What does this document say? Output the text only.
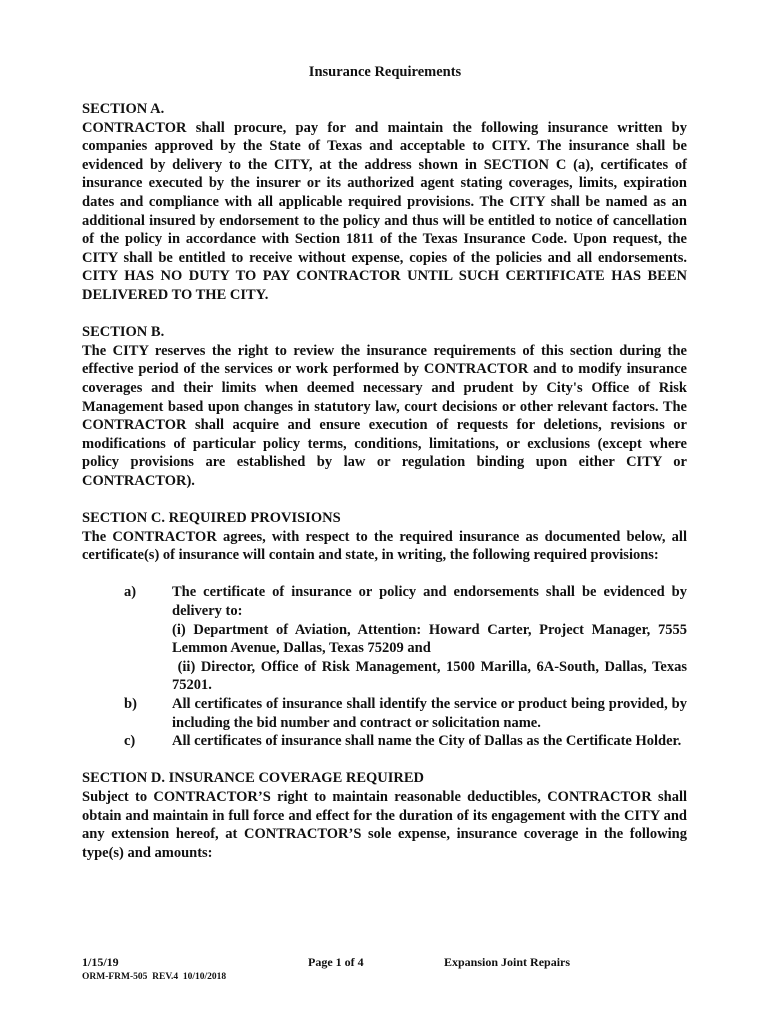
Insurance Requirements
SECTION A.

CONTRACTOR shall procure, pay for and maintain the following insurance written by companies approved by the State of Texas and acceptable to CITY. The insurance shall be evidenced by delivery to the CITY, at the address shown in SECTION C (a), certificates of insurance executed by the insurer or its authorized agent stating coverages, limits, expiration dates and compliance with all applicable required provisions. The CITY shall be named as an additional insured by endorsement to the policy and thus will be entitled to notice of cancellation of the policy in accordance with Section 1811 of the Texas Insurance Code. Upon request, the CITY shall be entitled to receive without expense, copies of the policies and all endorsements. CITY HAS NO DUTY TO PAY CONTRACTOR UNTIL SUCH CERTIFICATE HAS BEEN DELIVERED TO THE CITY.

SECTION B.

The CITY reserves the right to review the insurance requirements of this section during the effective period of the services or work performed by CONTRACTOR and to modify insurance coverages and their limits when deemed necessary and prudent by City's Office of Risk Management based upon changes in statutory law, court decisions or other relevant factors. The CONTRACTOR shall acquire and ensure execution of requests for deletions, revisions or modifications of particular policy terms, conditions, limitations, or exclusions (except where policy provisions are established by law or regulation binding upon either CITY or CONTRACTOR).

SECTION C. REQUIRED PROVISIONS

The CONTRACTOR agrees, with respect to the required insurance as documented below, all certificate(s) of insurance will contain and state, in writing, the following required provisions:

a)	The certificate of insurance or policy and endorsements shall be evidenced by delivery to:
(i) Department of Aviation, Attention: Howard Carter, Project Manager, 7555 Lemmon Avenue, Dallas, Texas 75209 and
(ii) Director, Office of Risk Management, 1500 Marilla, 6A-South, Dallas, Texas 75201.
b)	All certificates of insurance shall identify the service or product being provided, by including the bid number and contract or solicitation name.
c)	All certificates of insurance shall name the City of Dallas as the Certificate Holder.
SECTION D. INSURANCE COVERAGE REQUIRED

Subject to CONTRACTOR’S right to maintain reasonable deductibles, CONTRACTOR shall obtain and maintain in full force and effect for the duration of its engagement with the CITY and any extension hereof, at CONTRACTOR’S sole expense, insurance coverage in the following type(s) and amounts:

1/15/19	Page 1 of 4	Expansion Joint Repairs
ORM-FRM-505  REV.4  10/10/2018
